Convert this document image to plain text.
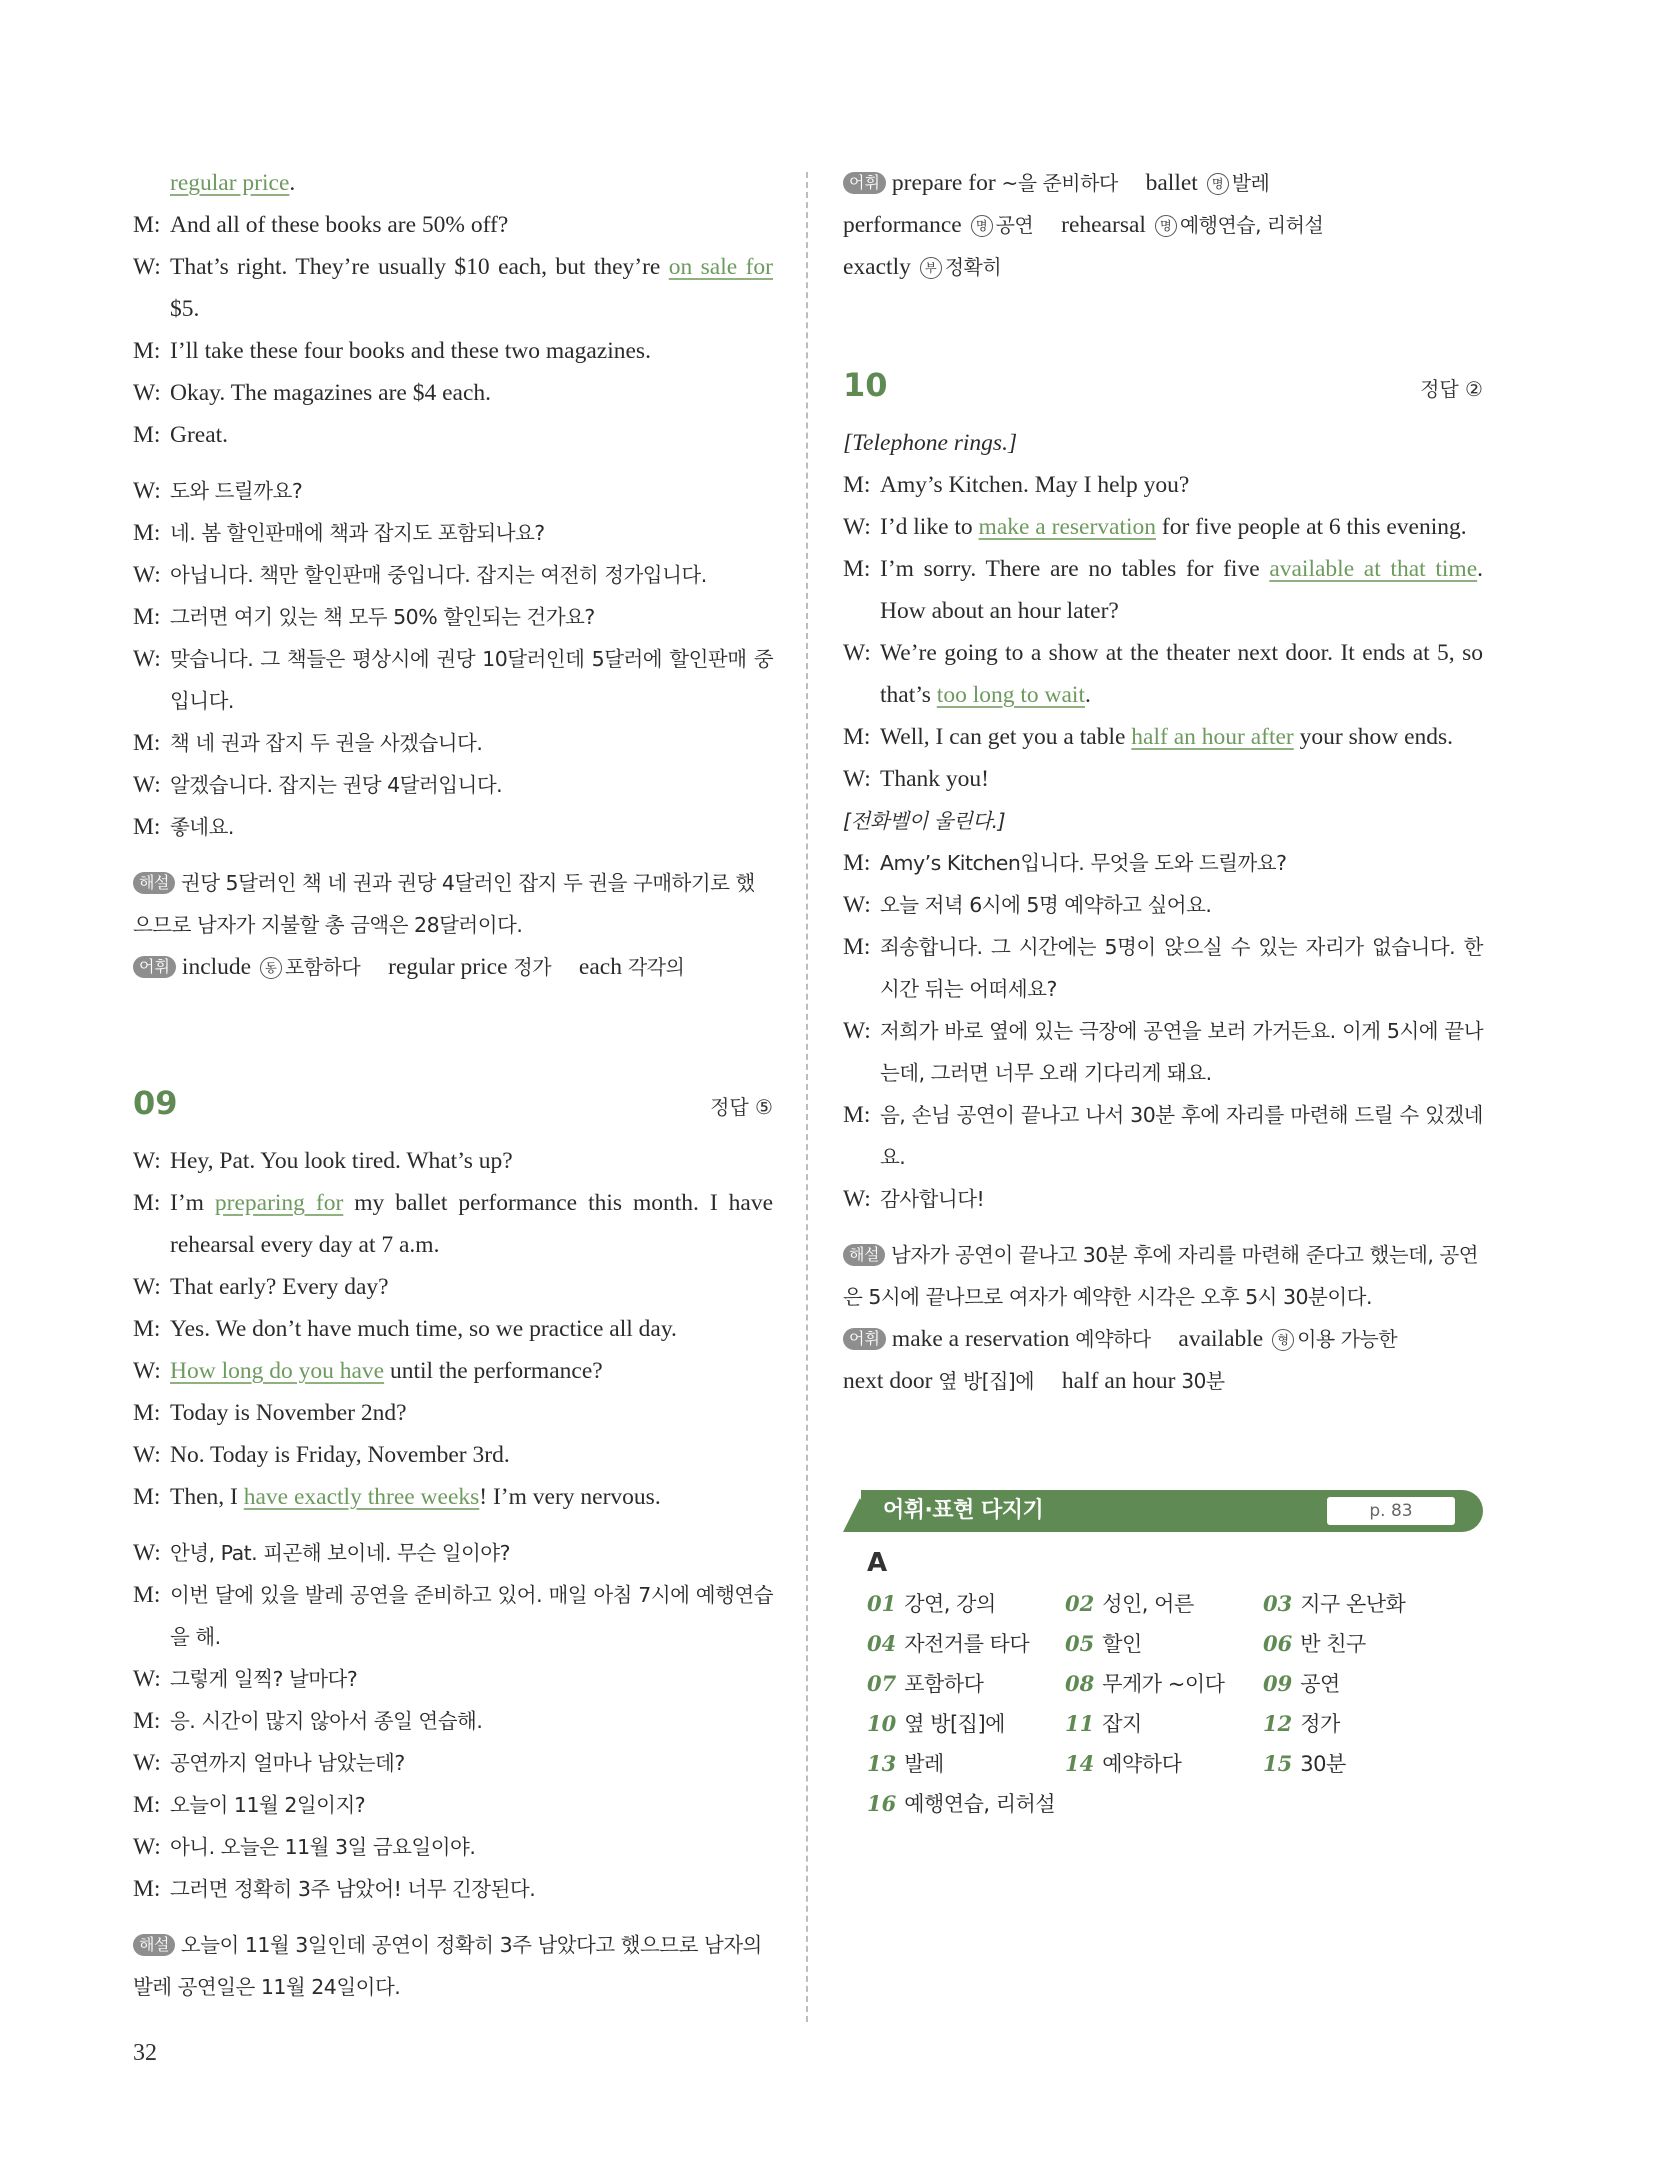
regular price.
M: And all of these books are 50% off?
W: That’s right. They’re usually $10 each, but they’re on sale for $5.
M: I’ll take these four books and these two magazines.
W: Okay. The magazines are $4 each.
M: Great.
W: 도와 드릴까요?
M: 네. 봄 할인판매에 책과 잡지도 포함되나요?
W: 아닙니다. 책만 할인판매 중입니다. 잡지는 여전히 정가입니다.
M: 그러면 여기 있는 책 모두 50% 할인되는 건가요?
W: 맞습니다. 그 책들은 평상시에 권당 10달러인데 5달러에 할인판매 중입니다.
M: 책 네 권과 잡지 두 권을 사겠습니다.
W: 알겠습니다. 잡지는 권당 4달러입니다.
M: 좋네요.
해설 권당 5달러인 책 네 권과 권당 4달러인 잡지 두 권을 구매하기로 했으므로 남자가 지불할 총 금액은 28달러이다.
어휘 include 동 포함하다 regular price 정가 each 각각의
09	정답 ⑤
W: Hey, Pat. You look tired. What’s up?
M: I’m preparing for my ballet performance this month. I have rehearsal every day at 7 a.m.
W: That early? Every day?
M: Yes. We don’t have much time, so we practice all day.
W: How long do you have until the performance?
M: Today is November 2nd?
W: No. Today is Friday, November 3rd.
M: Then, I have exactly three weeks! I’m very nervous.
W: 안녕, Pat. 피곤해 보이네. 무슨 일이야?
M: 이번 달에 있을 발레 공연을 준비하고 있어. 매일 아침 7시에 예행연습을 해.
W: 그렇게 일찍? 날마다?
M: 응. 시간이 많지 않아서 종일 연습해.
W: 공연까지 얼마나 남았는데?
M: 오늘이 11월 2일이지?
W: 아니. 오늘은 11월 3일 금요일이야.
M: 그러면 정확히 3주 남았어! 너무 긴장된다.
해설 오늘이 11월 3일인데 공연이 정확히 3주 남았다고 했으므로 남자의 발레 공연일은 11월 24일이다.
어휘 prepare for ~을 준비하다 ballet 명 발레 performance 명 공연 rehearsal 명 예행연습, 리허설 exactly 부 정확히
10	정답 ②
[Telephone rings.]
M: Amy’s Kitchen. May I help you?
W: I’d like to make a reservation for five people at 6 this evening.
M: I’m sorry. There are no tables for five available at that time. How about an hour later?
W: We’re going to a show at the theater next door. It ends at 5, so that’s too long to wait.
M: Well, I can get you a table half an hour after your show ends.
W: Thank you!
[전화벨이 울린다.]
M: Amy’s Kitchen입니다. 무엇을 도와 드릴까요?
W: 오늘 저녁 6시에 5명 예약하고 싶어요.
M: 죄송합니다. 그 시간에는 5명이 앉으실 수 있는 자리가 없습니다. 한 시간 뒤는 어떠세요?
W: 저희가 바로 옆에 있는 극장에 공연을 보러 가거든요. 이게 5시에 끝나는데, 그러면 너무 오래 기다리게 돼요.
M: 음, 손님 공연이 끝나고 나서 30분 후에 자리를 마련해 드릴 수 있겠네요.
W: 감사합니다!
해설 남자가 공연이 끝나고 30분 후에 자리를 마련해 준다고 했는데, 공연은 5시에 끝나므로 여자가 예약한 시각은 오후 5시 30분이다.
어휘 make a reservation 예약하다 available 형 이용 가능한 next door 옆 방[집]에 half an hour 30분
어휘·표현 다지기	p. 83
A
01 강연, 강의	02 성인, 어른	03 지구 온난화
04 자전거를 타다	05 할인	06 반 친구
07 포함하다	08 무게가 ~이다	09 공연
10 옆 방[집]에	11 잡지	12 정가
13 발레	14 예약하다	15 30분
16 예행연습, 리허설
32
